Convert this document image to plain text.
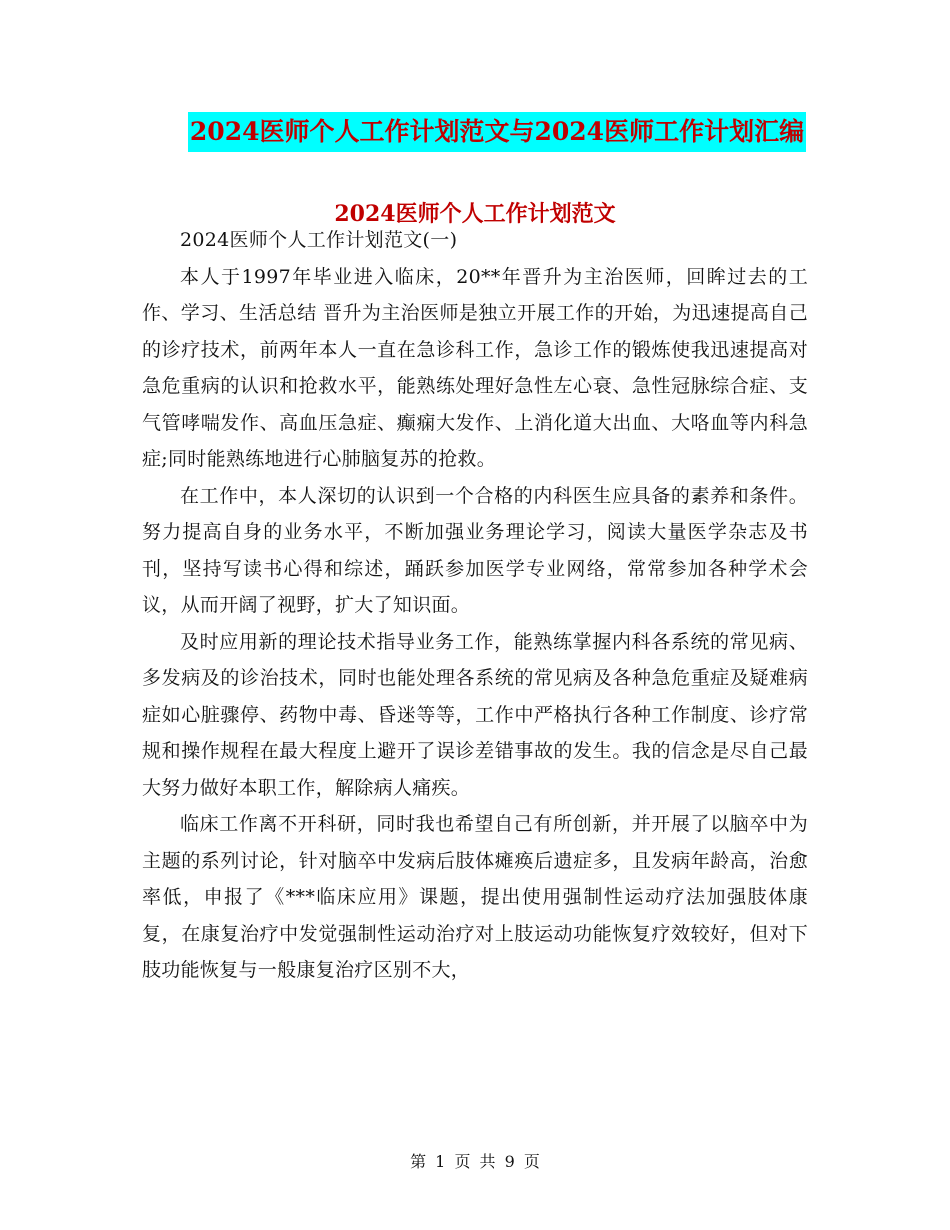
2024医师个人工作计划范文与2024医师工作计划汇编
2024医师个人工作计划范文

2024医师个人工作计划范文(一)

本人于1997年毕业进入临床，20**年晋升为主治医师，回眸过去的工作、学习、生活总结 晋升为主治医师是独立开展工作的开始，为迅速提高自己的诊疗技术，前两年本人一直在急诊科工作，急诊工作的锻炼使我迅速提高对急危重病的认识和抢救水平，能熟练处理好急性左心衰、急性冠脉综合症、支气管哮喘发作、高血压急症、癫痫大发作、上消化道大出血、大咯血等内科急症;同时能熟练地进行心肺脑复苏的抢救。

在工作中，本人深切的认识到一个合格的内科医生应具备的素养和条件。努力提高自身的业务水平，不断加强业务理论学习，阅读大量医学杂志及书刊，坚持写读书心得和综述，踊跃参加医学专业网络，常常参加各种学术会议，从而开阔了视野，扩大了知识面。

及时应用新的理论技术指导业务工作，能熟练掌握内科各系统的常见病、多发病及的诊治技术，同时也能处理各系统的常见病及各种急危重症及疑难病症如心脏骤停、药物中毒、昏迷等等，工作中严格执行各种工作制度、诊疗常规和操作规程在最大程度上避开了误诊差错事故的发生。我的信念是尽自己最大努力做好本职工作，解除病人痛疾。

临床工作离不开科研，同时我也希望自己有所创新，并开展了以脑卒中为主题的系列讨论，针对脑卒中发病后肢体瘫痪后遗症多，且发病年龄高，治愈率低，申报了《***临床应用》课题，提出使用强制性运动疗法加强肢体康复，在康复治疗中发觉强制性运动治疗对上肢运动功能恢复疗效较好，但对下肢功能恢复与一般康复治疗区别不大，

第 1 页 共 9 页
